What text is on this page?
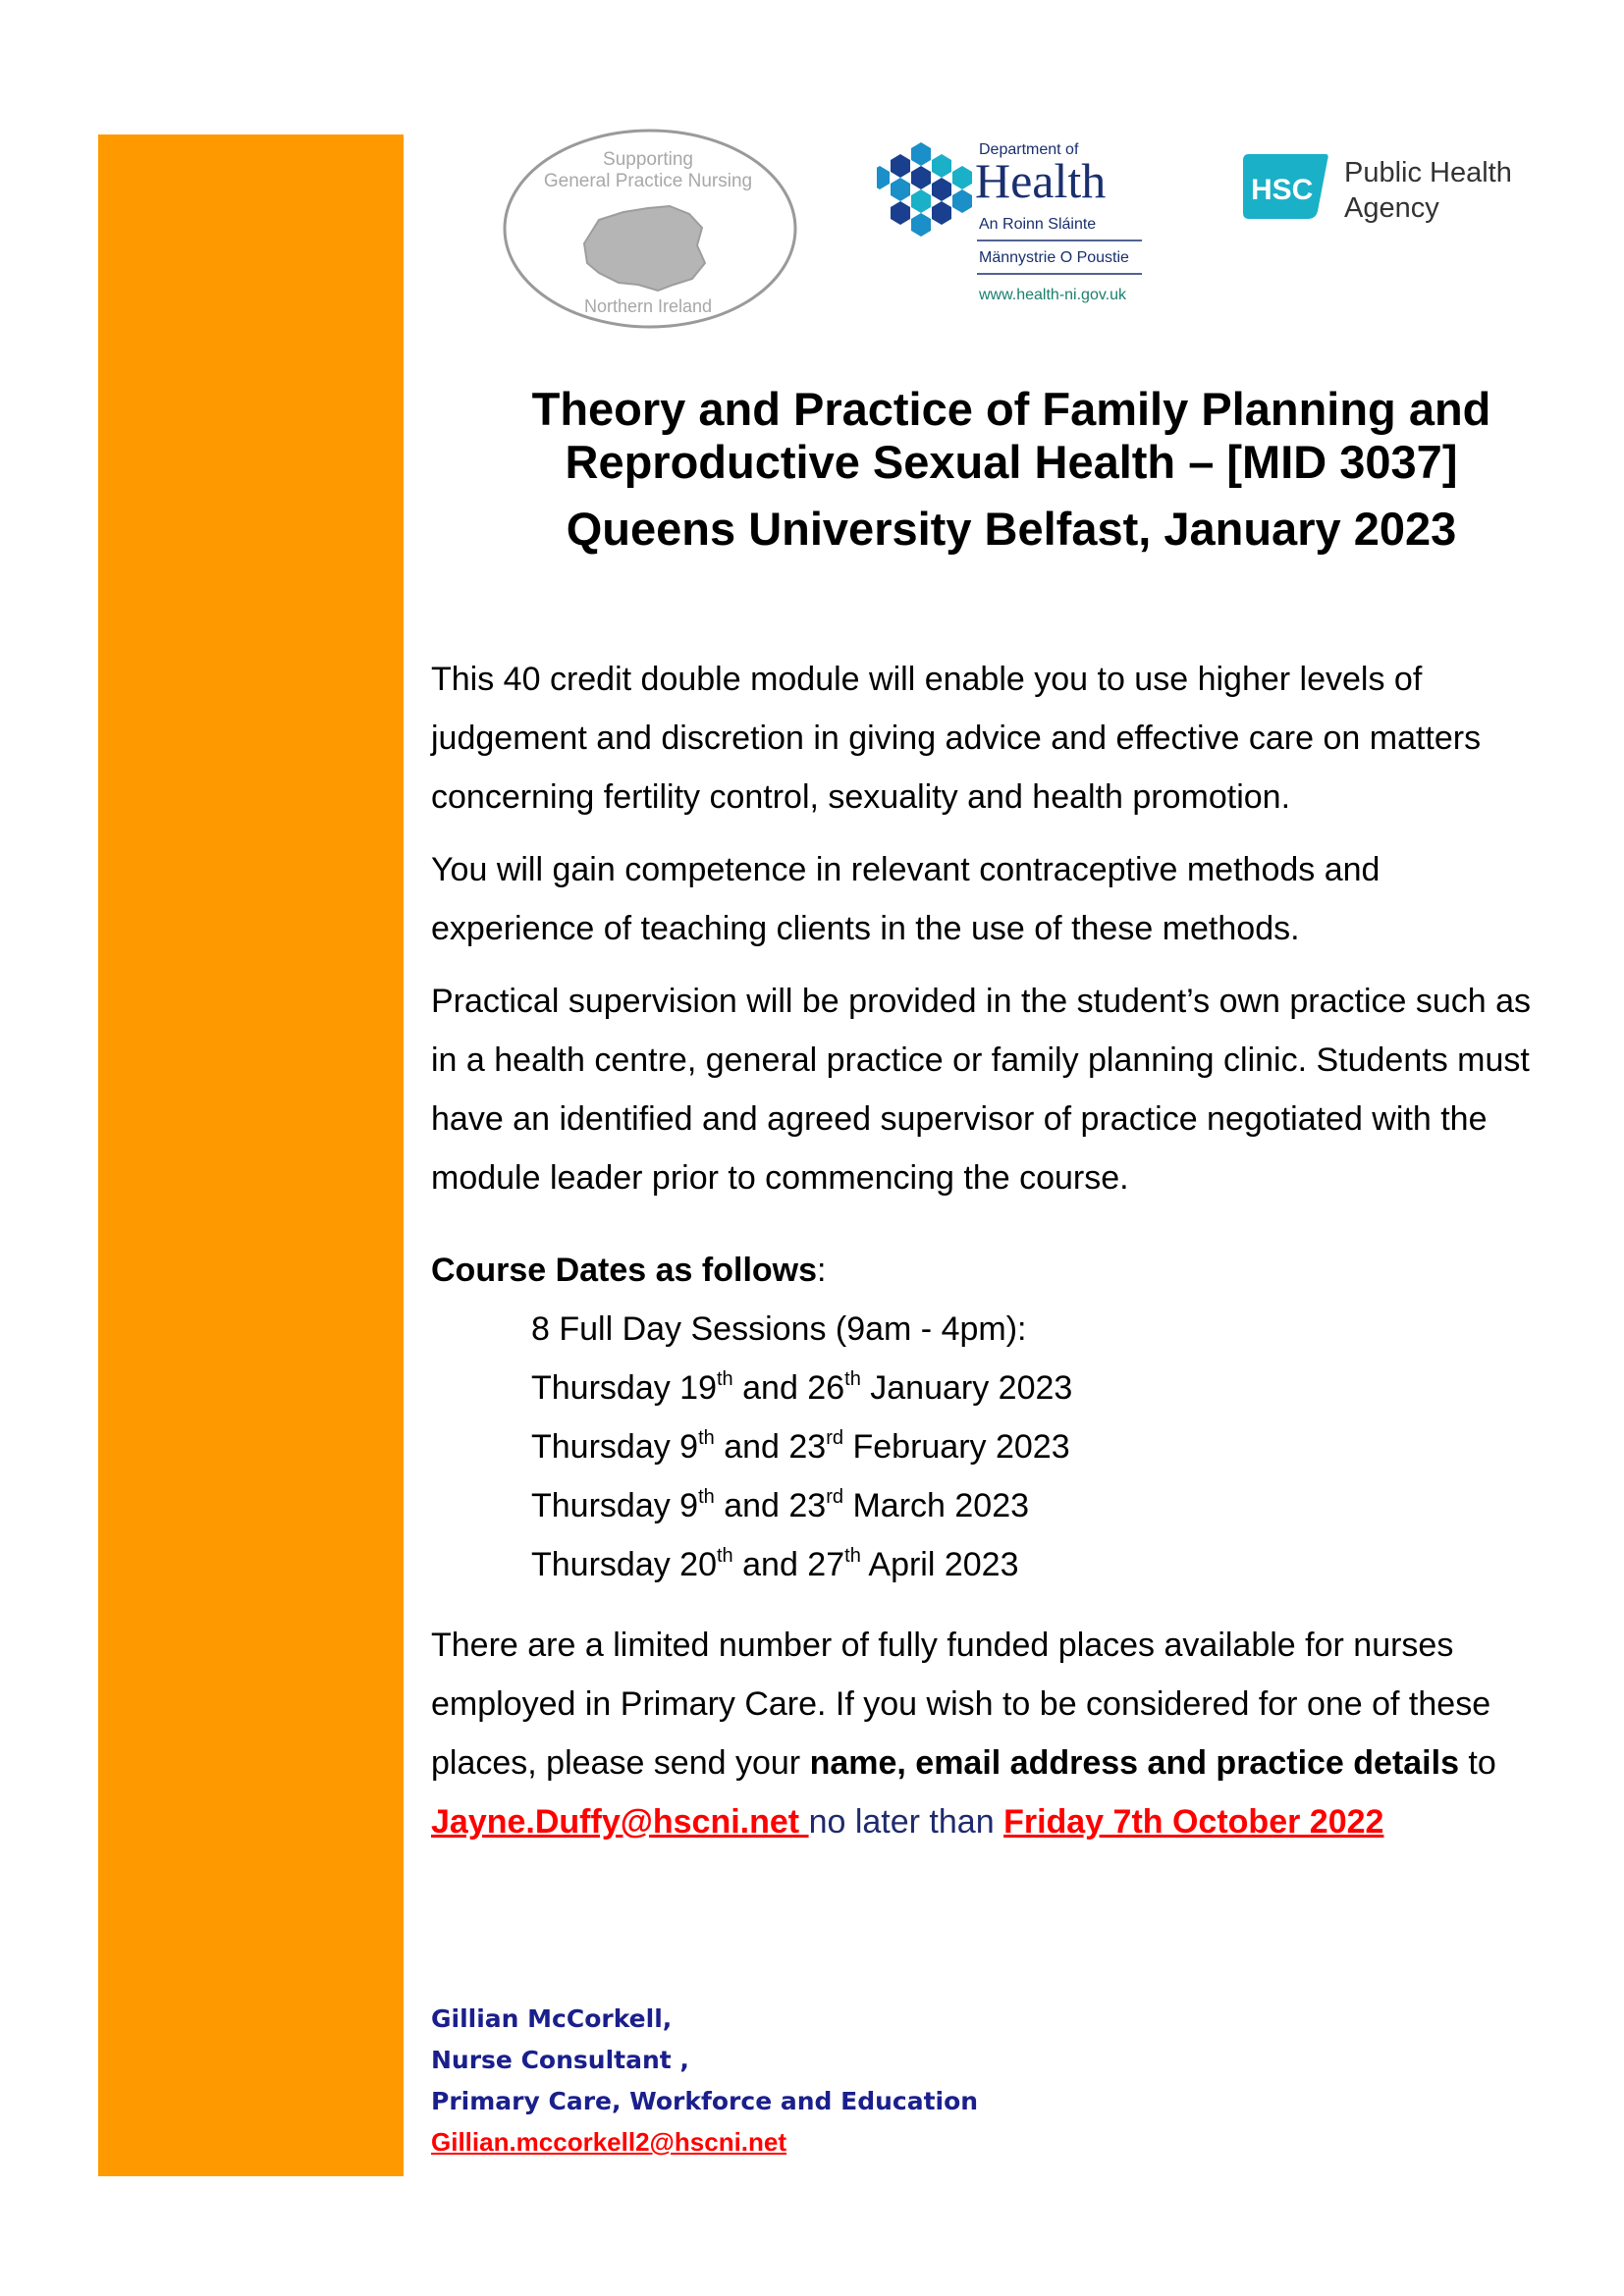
Supporting
General Practice Nursing
Northern Ireland
Department of
Health
An Roinn Sláinte
Männystrie O Poustie
www.health-ni.gov.uk
HSC
Public Health
Agency
Theory and Practice of Family Planning and
Reproductive Sexual Health – [MID 3037]
Queens University Belfast, January 2023

This 40 credit double module will enable you to use higher levels of judgement and discretion in giving advice and effective care on matters concerning fertility control, sexuality and health promotion.

You will gain competence in relevant contraceptive methods and experience of teaching clients in the use of these methods.

Practical supervision will be provided in the student’s own practice such as in a health centre, general practice or family planning clinic. Students must have an identified and agreed supervisor of practice negotiated with the module leader prior to commencing the course.

Course Dates as follows:
8 Full Day Sessions (9am - 4pm):
Thursday 19th and 26th January 2023
Thursday 9th and 23rd February 2023
Thursday 9th and 23rd March 2023
Thursday 20th and 27th April 2023

There are a limited number of fully funded places available for nurses employed in Primary Care. If you wish to be considered for one of these places, please send your name, email address and practice details to Jayne.Duffy@hscni.net no later than Friday 7th October 2022

Gillian McCorkell,
Nurse Consultant ,
Primary Care, Workforce and Education
Gillian.mccorkell2@hscni.net
